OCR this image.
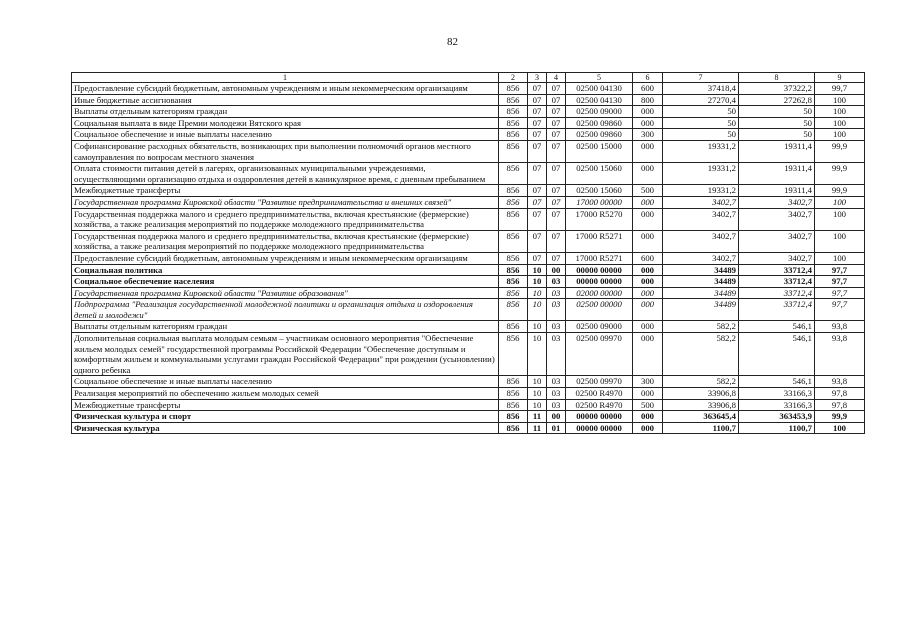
82
1	2	3	4	5	6	7	8	9
Предоставление субсидий бюджетным, автономным учреждениям и иным некоммерческим организациям	856	07	07	02500 04130	600	37418,4	37322,2	99,7
Иные бюджетные ассигнования	856	07	07	02500 04130	800	27270,4	27262,8	100
Выплаты отдельным категориям граждан	856	07	07	02500 09000	000	50	50	100
Социальная выплата в виде Премии молодежи Вятского края	856	07	07	02500 09860	000	50	50	100
Социальное обеспечение и иные выплаты населению	856	07	07	02500 09860	300	50	50	100
Софинансирование расходных обязательств, возникающих при выполнении полномочий органов местного самоуправления по вопросам местного значения	856	07	07	02500 15000	000	19331,2	19311,4	99,9
Оплата стоимости питания детей в лагерях, организованных муниципальными учреждениями, осуществляющими организацию отдыха и оздоровления детей в каникулярное время, с дневным пребыванием	856	07	07	02500 15060	000	19331,2	19311,4	99,9
Межбюджетные трансферты	856	07	07	02500 15060	500	19331,2	19311,4	99,9
Государственная программа Кировской области "Развитие предпринимательства и внешних связей"	856	07	07	17000 00000	000	3402,7	3402,7	100
Государственная поддержка малого и среднего предпринимательства, включая крестьянские (фермерские) хозяйства, а также реализация мероприятий по поддержке молодежного предпринимательства	856	07	07	17000 R5270	000	3402,7	3402,7	100
Государственная поддержка малого и среднего предпринимательства, включая крестьянские (фермерские) хозяйства, а также реализация мероприятий по поддержке молодежного предпринимательства	856	07	07	17000 R5271	000	3402,7	3402,7	100
Предоставление субсидий бюджетным, автономным учреждениям и иным некоммерческим организациям	856	07	07	17000 R5271	600	3402,7	3402,7	100
Социальная политика	856	10	00	00000 00000	000	34489	33712,4	97,7
Социальное обеспечение населения	856	10	03	00000 00000	000	34489	33712,4	97,7
Государственная программа Кировской области "Развитие образования"	856	10	03	02000 00000	000	34489	33712,4	97,7
Подпрограмма "Реализация государственной молодежной политики и организация отдыха и оздоровления детей и молодежи"	856	10	03	02500 00000	000	34489	33712,4	97,7
Выплаты отдельным категориям граждан	856	10	03	02500 09000	000	582,2	546,1	93,8
Дополнительная социальная выплата молодым семьям – участникам основного мероприятия "Обеспечение жильем молодых семей" государственной программы Российской Федерации "Обеспечение доступным и комфортным жильем и коммунальными услугами граждан Российской Федерации" при рождении (усыновлении) одного ребенка	856	10	03	02500 09970	000	582,2	546,1	93,8
Социальное обеспечение и иные выплаты населению	856	10	03	02500 09970	300	582,2	546,1	93,8
Реализация мероприятий по обеспечению жильем молодых семей	856	10	03	02500 R4970	000	33906,8	33166,3	97,8
Межбюджетные трансферты	856	10	03	02500 R4970	500	33906,8	33166,3	97,8
Физическая культура и спорт	856	11	00	00000 00000	000	363645,4	363453,9	99,9
Физическая культура	856	11	01	00000 00000	000	1100,7	1100,7	100
